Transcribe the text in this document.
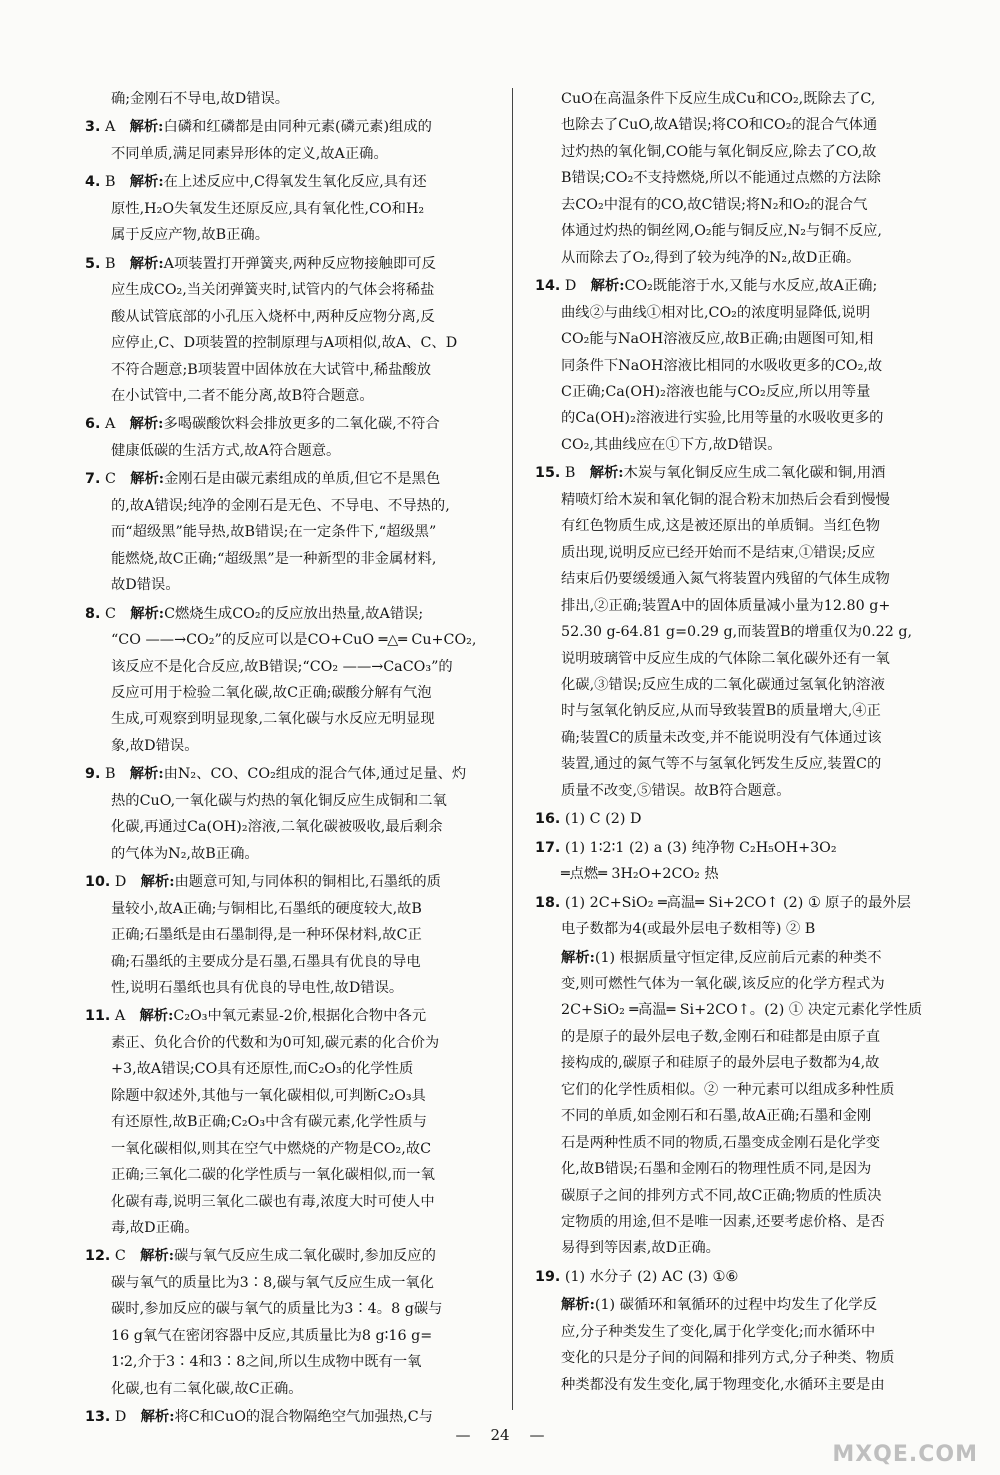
确;金刚石不导电,故D错误。

3. A  解析:白磷和红磷都是由同种元素(磷元素)组成的
不同单质,满足同素异形体的定义,故A正确。

4. B  解析:在上述反应中,C得氧发生氧化反应,具有还
原性,H₂O失氧发生还原反应,具有氧化性,CO和H₂
属于反应产物,故B正确。

5. B  解析:A项装置打开弹簧夹,两种反应物接触即可反
应生成CO₂,当关闭弹簧夹时,试管内的气体会将稀盐
酸从试管底部的小孔压入烧杯中,两种反应物分离,反
应停止,C、D项装置的控制原理与A项相似,故A、C、D
不符合题意;B项装置中固体放在大试管中,稀盐酸放
在小试管中,二者不能分离,故B符合题意。

6. A  解析:多喝碳酸饮料会排放更多的二氧化碳,不符合
健康低碳的生活方式,故A符合题意。

7. C  解析:金刚石是由碳元素组成的单质,但它不是黑色
的,故A错误;纯净的金刚石是无色、不导电、不导热的,
而“超级黑”能导热,故B错误;在一定条件下,“超级黑”
能燃烧,故C正确;“超级黑”是一种新型的非金属材料,
故D错误。

8. C  解析:C燃烧生成CO₂的反应放出热量,故A错误;
“CO ——→CO₂”的反应可以是CO+CuO ═△═ Cu+CO₂,
该反应不是化合反应,故B错误;“CO₂ ——→CaCO₃”的
反应可用于检验二氧化碳,故C正确;碳酸分解有气泡
生成,可观察到明显现象,二氧化碳与水反应无明显现
象,故D错误。

9. B  解析:由N₂、CO、CO₂组成的混合气体,通过足量、灼
热的CuO,一氧化碳与灼热的氧化铜反应生成铜和二氧
化碳,再通过Ca(OH)₂溶液,二氧化碳被吸收,最后剩余
的气体为N₂,故B正确。

10. D  解析:由题意可知,与同体积的铜相比,石墨纸的质
量较小,故A正确;与铜相比,石墨纸的硬度较大,故B
正确;石墨纸是由石墨制得,是一种环保材料,故C正
确;石墨纸的主要成分是石墨,石墨具有优良的导电
性,说明石墨纸也具有优良的导电性,故D错误。

11. A  解析:C₂O₃中氧元素显-2价,根据化合物中各元
素正、负化合价的代数和为0可知,碳元素的化合价为
+3,故A错误;CO具有还原性,而C₂O₃的化学性质
除题中叙述外,其他与一氧化碳相似,可判断C₂O₃具
有还原性,故B正确;C₂O₃中含有碳元素,化学性质与
一氧化碳相似,则其在空气中燃烧的产物是CO₂,故C
正确;三氧化二碳的化学性质与一氧化碳相似,而一氧
化碳有毒,说明三氧化二碳也有毒,浓度大时可使人中
毒,故D正确。

12. C  解析:碳与氧气反应生成二氧化碳时,参加反应的
碳与氧气的质量比为3∶8,碳与氧气反应生成一氧化
碳时,参加反应的碳与氧气的质量比为3∶4。8 g碳与
16 g氧气在密闭容器中反应,其质量比为8 g∶16 g=
1∶2,介于3∶4和3∶8之间,所以生成物中既有一氧
化碳,也有二氧化碳,故C正确。

13. D  解析:将C和CuO的混合物隔绝空气加强热,C与

CuO在高温条件下反应生成Cu和CO₂,既除去了C,
也除去了CuO,故A错误;将CO和CO₂的混合气体通
过灼热的氧化铜,CO能与氧化铜反应,除去了CO,故
B错误;CO₂不支持燃烧,所以不能通过点燃的方法除
去CO₂中混有的CO,故C错误;将N₂和O₂的混合气
体通过灼热的铜丝网,O₂能与铜反应,N₂与铜不反应,
从而除去了O₂,得到了较为纯净的N₂,故D正确。

14. D  解析:CO₂既能溶于水,又能与水反应,故A正确;
曲线②与曲线①相对比,CO₂的浓度明显降低,说明
CO₂能与NaOH溶液反应,故B正确;由题图可知,相
同条件下NaOH溶液比相同的水吸收更多的CO₂,故
C正确;Ca(OH)₂溶液也能与CO₂反应,所以用等量
的Ca(OH)₂溶液进行实验,比用等量的水吸收更多的
CO₂,其曲线应在①下方,故D错误。

15. B  解析:木炭与氧化铜反应生成二氧化碳和铜,用酒
精喷灯给木炭和氧化铜的混合粉末加热后会看到慢慢
有红色物质生成,这是被还原出的单质铜。当红色物
质出现,说明反应已经开始而不是结束,①错误;反应
结束后仍要缓缓通入氮气将装置内残留的气体生成物
排出,②正确;装置A中的固体质量减小量为12.80 g+
52.30 g-64.81 g=0.29 g,而装置B的增重仅为0.22 g,
说明玻璃管中反应生成的气体除二氧化碳外还有一氧
化碳,③错误;反应生成的二氧化碳通过氢氧化钠溶液
时与氢氧化钠反应,从而导致装置B的质量增大,④正
确;装置C的质量未改变,并不能说明没有气体通过该
装置,通过的氮气等不与氢氧化钙发生反应,装置C的
质量不改变,⑤错误。故B符合题意。

16. (1) C (2) D

17. (1) 1∶2∶1 (2) a (3) 纯净物 C₂H₅OH+3O₂
═点燃═ 3H₂O+2CO₂ 热

18. (1) 2C+SiO₂ ═高温═ Si+2CO↑ (2) ① 原子的最外层
电子数都为4(或最外层电子数相等) ② B

解析:(1) 根据质量守恒定律,反应前后元素的种类不
变,则可燃性气体为一氧化碳,该反应的化学方程式为
2C+SiO₂ ═高温═ Si+2CO↑。(2) ① 决定元素化学性质
的是原子的最外层电子数,金刚石和硅都是由原子直
接构成的,碳原子和硅原子的最外层电子数都为4,故
它们的化学性质相似。② 一种元素可以组成多种性质
不同的单质,如金刚石和石墨,故A正确;石墨和金刚
石是两种性质不同的物质,石墨变成金刚石是化学变
化,故B错误;石墨和金刚石的物理性质不同,是因为
碳原子之间的排列方式不同,故C正确;物质的性质决
定物质的用途,但不是唯一因素,还要考虑价格、是否
易得到等因素,故D正确。

19. (1) 水分子 (2) AC (3) ①⑥

解析:(1) 碳循环和氧循环的过程中均发生了化学反
应,分子种类发生了变化,属于化学变化;而水循环中
变化的只是分子间的间隔和排列方式,分子种类、物质
种类都没有发生变化,属于物理变化,水循环主要是由

— 24 —
MXQE.COM
